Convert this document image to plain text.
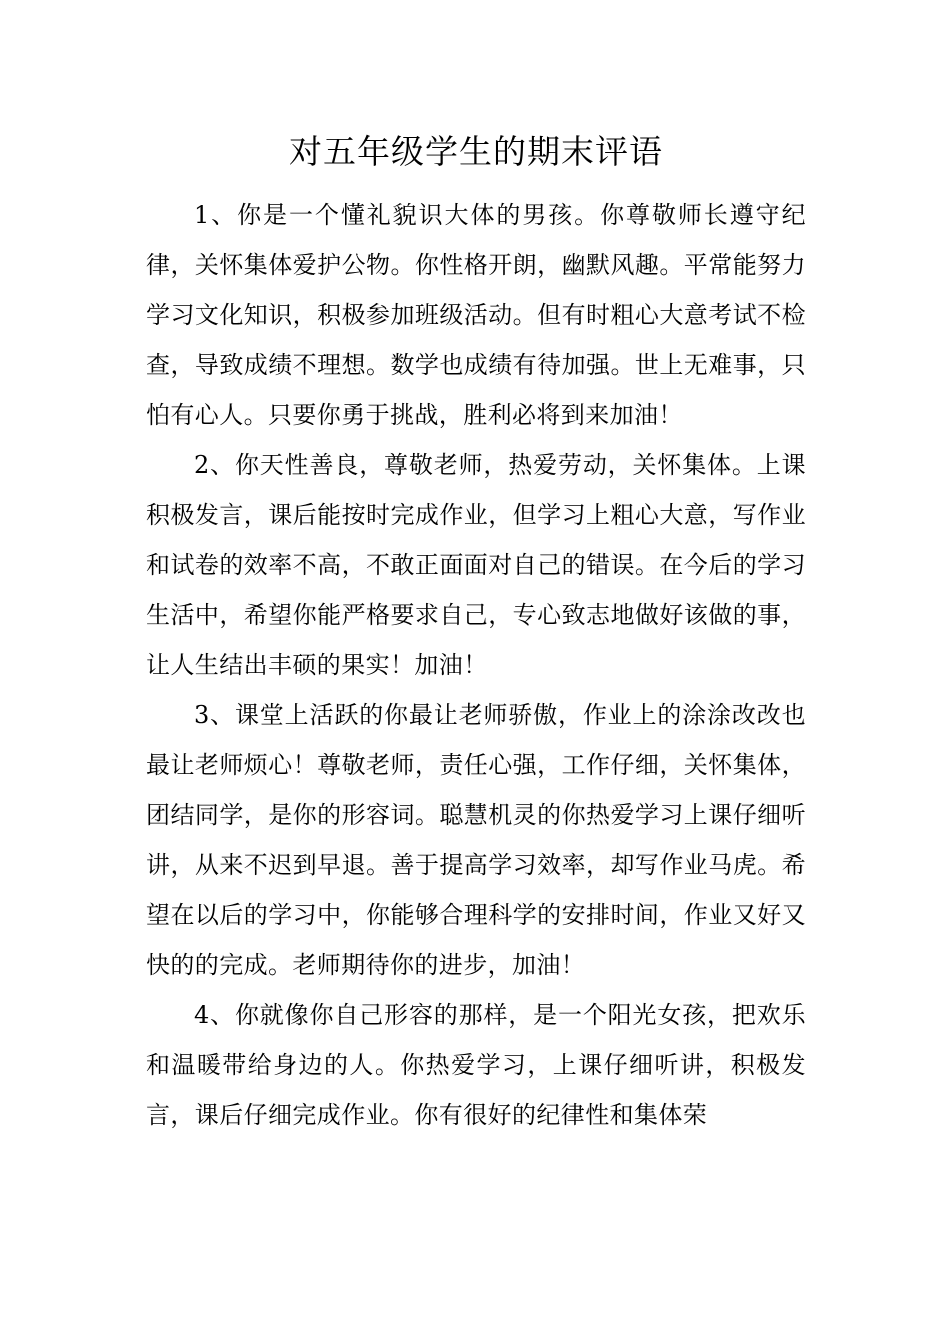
对五年级学生的期末评语

1、你是一个懂礼貌识大体的男孩。你尊敬师长遵守纪律，关怀集体爱护公物。你性格开朗，幽默风趣。平常能努力学习文化知识，积极参加班级活动。但有时粗心大意考试不检查，导致成绩不理想。数学也成绩有待加强。世上无难事，只怕有心人。只要你勇于挑战，胜利必将到来加油！

2、你天性善良，尊敬老师，热爱劳动，关怀集体。上课积极发言，课后能按时完成作业，但学习上粗心大意，写作业和试卷的效率不高，不敢正面面对自己的错误。在今后的学习生活中，希望你能严格要求自己，专心致志地做好该做的事，让人生结出丰硕的果实！加油！

3、课堂上活跃的你最让老师骄傲，作业上的涂涂改改也最让老师烦心！尊敬老师，责任心强，工作仔细，关怀集体，团结同学，是你的形容词。聪慧机灵的你热爱学习上课仔细听讲，从来不迟到早退。善于提高学习效率，却写作业马虎。希望在以后的学习中，你能够合理科学的安排时间，作业又好又快的的完成。老师期待你的进步，加油！

4、你就像你自己形容的那样，是一个阳光女孩，把欢乐和温暖带给身边的人。你热爱学习，上课仔细听讲，积极发言，课后仔细完成作业。你有很好的纪律性和集体荣
